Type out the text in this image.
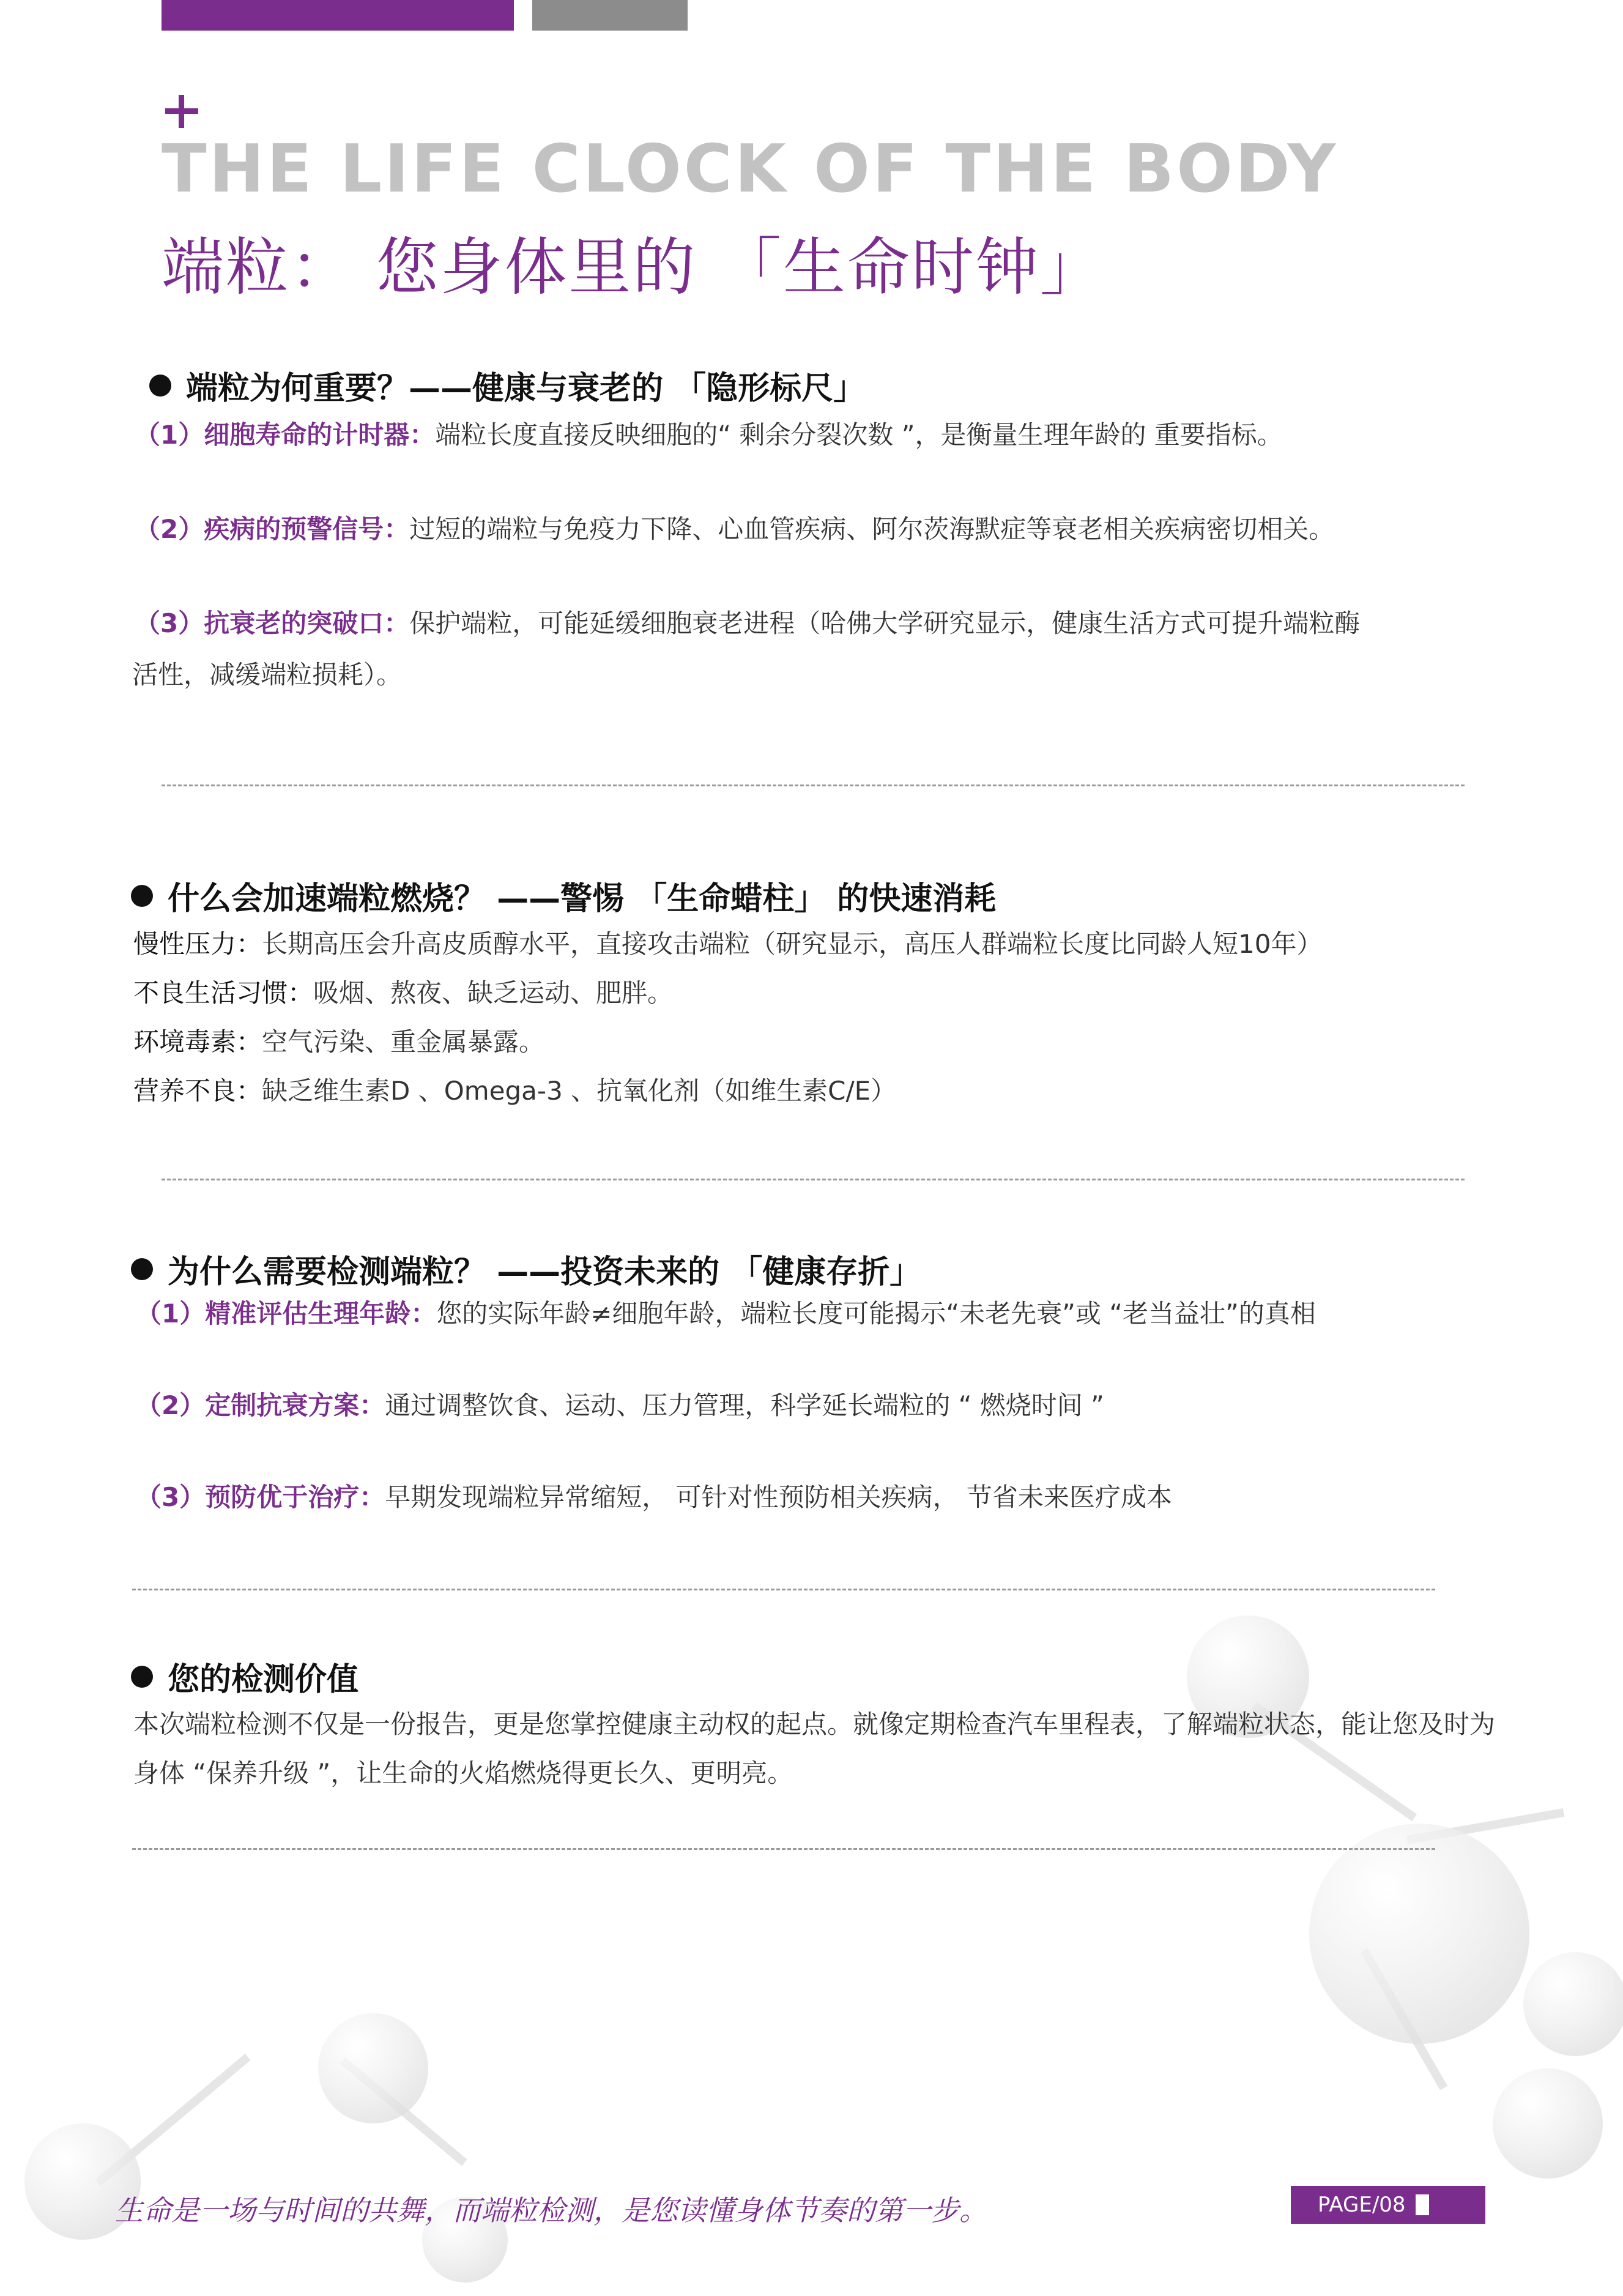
THE LIFE CLOCK OF THE BODY
端粒： 您身体里的 「生命时钟」
端粒为何重要？——健康与衰老的 「隐形标尺」
（1）细胞寿命的计时器：端粒长度直接反映细胞的“ 剩余分裂次数 ”，是衡量生理年龄的 重要指标。
（2）疾病的预警信号：过短的端粒与免疫力下降、心血管疾病、阿尔茨海默症等衰老相关疾病密切相关。
（3）抗衰老的突破口：保护端粒，可能延缓细胞衰老进程（哈佛大学研究显示，健康生活方式可提升端粒酶
活性，减缓端粒损耗）。
什么会加速端粒燃烧？ ——警惕 「生命蜡柱」 的快速消耗
慢性压力：长期高压会升高皮质醇水平，直接攻击端粒（研究显示，高压人群端粒长度比同龄人短10年）
不良生活习惯：吸烟、熬夜、缺乏运动、肥胖。
环境毒素：空气污染、重金属暴露。
营养不良：缺乏维生素D 、Omega-3 、抗氧化剂（如维生素C/E）
为什么需要检测端粒？ ——投资未来的 「健康存折」
（1）精准评估生理年龄：您的实际年龄≠细胞年龄，端粒长度可能揭示“未老先衰”或 “老当益壮”的真相
（2）定制抗衰方案：通过调整饮食、运动、压力管理，科学延长端粒的 “ 燃烧时间 ”
（3）预防优于治疗：早期发现端粒异常缩短， 可针对性预防相关疾病， 节省未来医疗成本
您的检测价值
本次端粒检测不仅是一份报告，更是您掌控健康主动权的起点。就像定期检查汽车里程表，了解端粒状态，能让您及时为身体 “保养升级 ”，让生命的火焰燃烧得更长久、更明亮。
生命是一场与时间的共舞，而端粒检测，是您读懂身体节奏的第一步。	PAGE/08
